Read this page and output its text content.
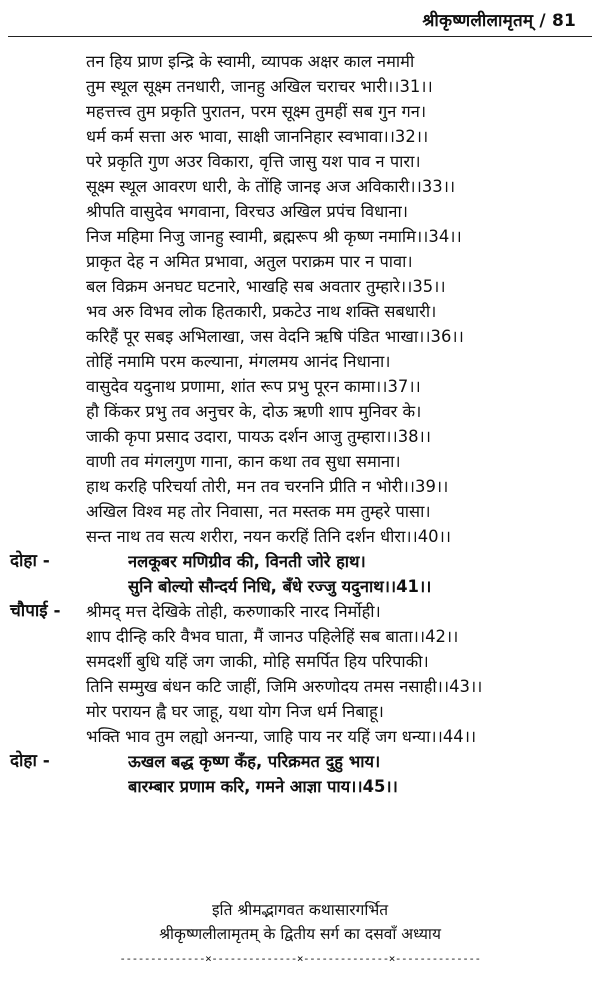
श्रीकृष्णलीलामृतम् / 81
तन हिय प्राण इन्द्रि के स्वामी, व्यापक अक्षर काल नमामी
तुम स्थूल सूक्ष्म तनधारी, जानहु अखिल चराचर भारी।।31।।
महत्तत्त्व तुम प्रकृति पुरातन, परम सूक्ष्म तुमहीं सब गुन गन।
धर्म कर्म सत्ता अरु भावा, साक्षी जाननिहार स्वभावा।।32।।
परे प्रकृति गुण अउर विकारा, वृत्ति जासु यश पाव न पारा।
सूक्ष्म स्थूल आवरण धारी, के तोंहि जानइ अज अविकारी।।33।।
श्रीपति वासुदेव भगवाना, विरचउ अखिल प्रपंच विधाना।
निज महिमा निजु जानहु स्वामी, ब्रह्मरूप श्री कृष्ण नमामि।।34।।
प्राकृत देह न अमित प्रभावा, अतुल पराक्रम पार न पावा।
बल विक्रम अनघट घटनारे, भाखहि सब अवतार तुम्हारे।।35।।
भव अरु विभव लोक हितकारी, प्रकटेउ नाथ शक्ति सबधारी।
करिहैं पूर सबइ अभिलाखा, जस वेदनि ऋषि पंडित भाखा।।36।।
तोहिं नमामि परम कल्याना, मंगलमय आनंद निधाना।
वासुदेव यदुनाथ प्रणामा, शांत रूप प्रभु पूरन कामा।।37।।
हौ किंकर प्रभु तव अनुचर के, दोऊ ऋणी शाप मुनिवर के।
जाकी कृपा प्रसाद उदारा, पायऊ दर्शन आजु तुम्हारा।।38।।
वाणी तव मंगलगुण गाना, कान कथा तव सुधा समाना।
हाथ करहि परिचर्या तोरी, मन तव चरननि प्रीति न भोरी।।39।।
अखिल विश्व मह तोर निवासा, नत मस्तक मम तुम्हरे पासा।
सन्त नाथ तव सत्य शरीरा, नयन करहिं तिनि दर्शन धीरा।।40।।
दोहा -	नलकूबर मणिग्रीव की, विनती जोरे हाथ।
सुनि बोल्यो सौन्दर्य निधि, बँधे रज्जु यदुनाथ।।41।।
चौपाई - श्रीमद् मत्त देखिके तोही, करुणाकरि नारद निर्मोही।
शाप दीन्हि करि वैभव घाता, मैं जानउ पहिलेहिं सब बाता।।42।।
समदर्शी बुधि यहिं जग जाकी, मोहि समर्पित हिय परिपाकी।
तिनि सम्मुख बंधन कटि जाहीं, जिमि अरुणोदय तमस नसाही।।43।।
मोर परायन ह्वै घर जाहू, यथा योग निज धर्म निबाहू।
भक्ति भाव तुम लह्यो अनन्या, जाहि पाय नर यहिं जग धन्या।।44।।
दोहा -	ऊखल बद्ध कृष्ण कँह, परिक्रमत दुहु भाय।
बारम्बार प्रणाम करि, गमने आज्ञा पाय।।45।।
इति श्रीमद्भागवत कथासारगर्भित
श्रीकृष्णलीलामृतम् के द्वितीय सर्ग का दसवाँ अध्याय
--------------×--------------×--------------×--------------
